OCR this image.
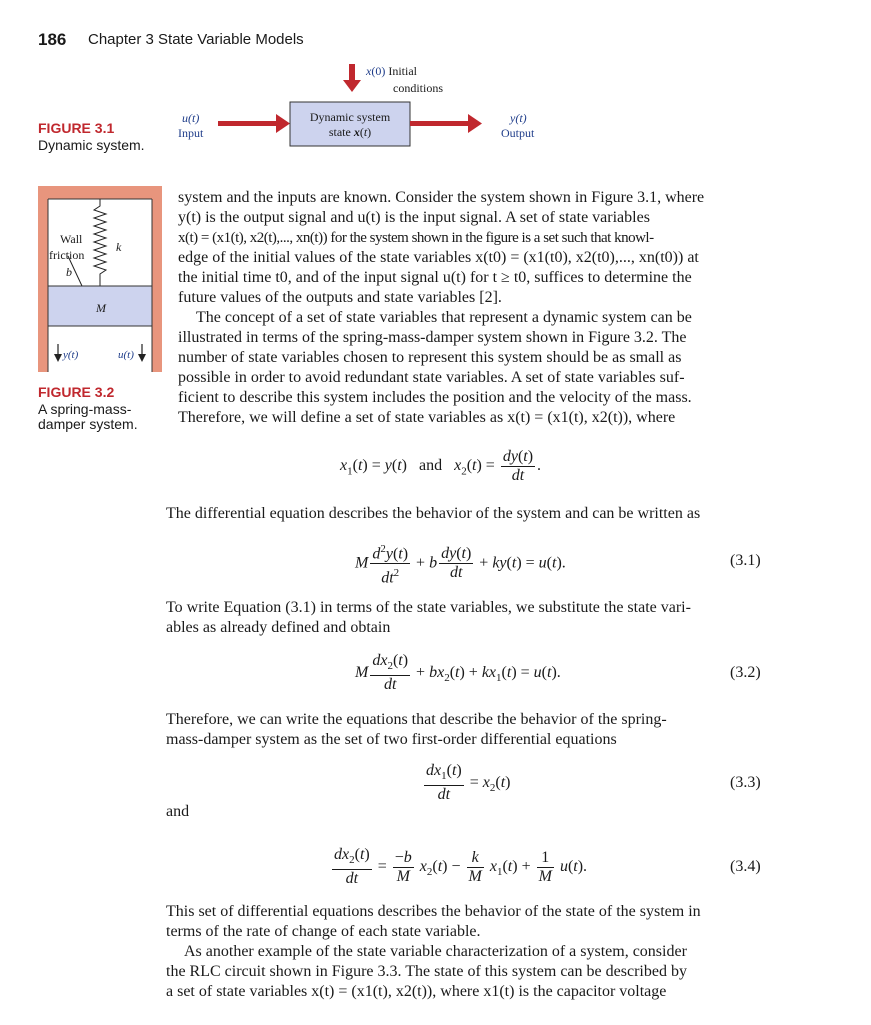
186 Chapter 3 State Variable Models
FIGURE 3.1
Dynamic system.
x(0) Initial
conditions
u(t)
Input
Dynamic system
state x(t)
y(t)
Output
Wall
friction
b
k
M
y(t)	u(t)
FIGURE 3.2
A spring-mass-
damper system.
system and the inputs are known. Consider the system shown in Figure 3.1, where
y(t) is the output signal and u(t) is the input signal. A set of state variables
x(t) = (x1(t), x2(t),..., xn(t)) for the system shown in the figure is a set such that knowl-
edge of the initial values of the state variables x(t0) = (x1(t0), x2(t0),..., xn(t0)) at
the initial time t0, and of the input signal u(t) for t ≥ t0, suffices to determine the
future values of the outputs and state variables [2].
The concept of a set of state variables that represent a dynamic system can be
illustrated in terms of the spring-mass-damper system shown in Figure 3.2. The
number of state variables chosen to represent this system should be as small as
possible in order to avoid redundant state variables. A set of state variables suf-
ficient to describe this system includes the position and the velocity of the mass.
Therefore, we will define a set of state variables as x(t) = (x1(t), x2(t)), where
$x_1(t) = y(t)$   and $x_2(t) = \frac{dy(t)}{dt}$ .
The differential equation describes the behavior of the system and can be written as
M $\frac{d^2y(t)}{dt^2} + b \frac{dy(t)}{dt} + ky(t) = u(t)$.	(3.1)
To write Equation (3.1) in terms of the state variables, we substitute the state vari-
ables as already defined and obtain
M $\frac{dx_2(t)}{dt} + bx_2(t) + kx_1(t) = u(t)$.	(3.2)
Therefore, we can write the equations that describe the behavior of the spring-
mass-damper system as the set of two first-order differential equations
$\frac{dx_1(t)}{dt} = x_2(t)$	(3.3)
and
$\frac{dx_2(t)}{dt} = \frac{-b}{M} x_2(t) - \frac{k}{M} x_1(t) + \frac{1}{M} u(t)$.	(3.4)
This set of differential equations describes the behavior of the state of the system in
terms of the rate of change of each state variable.
As another example of the state variable characterization of a system, consider
the RLC circuit shown in Figure 3.3. The state of this system can be described by
a set of state variables x(t) = (x1(t), x2(t)), where x1(t) is the capacitor voltage
